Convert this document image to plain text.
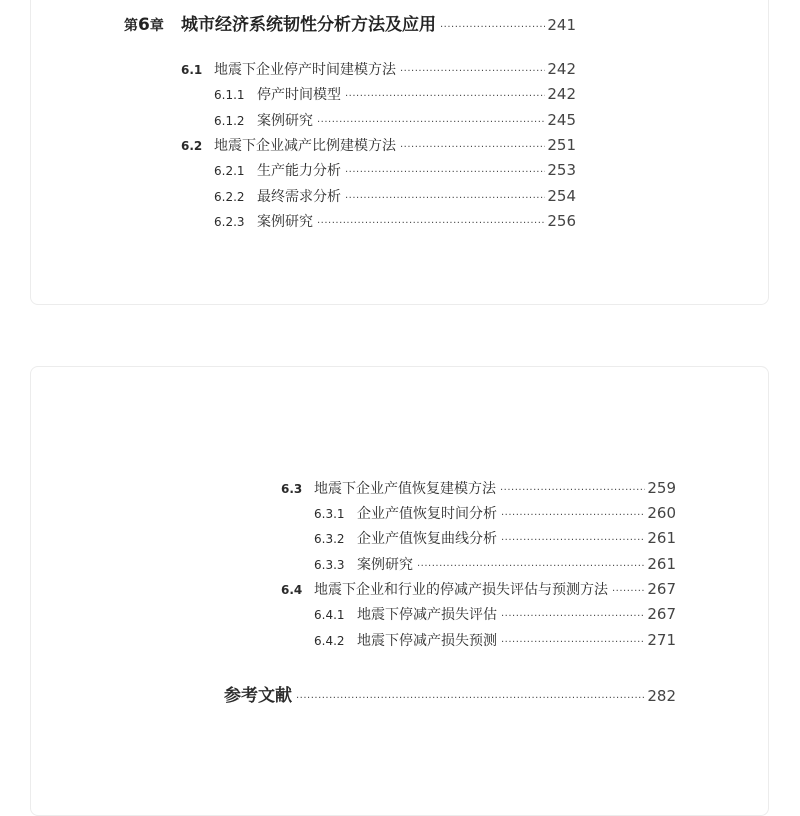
第6章	城市经济系统韧性分析方法及应用 ·····	241
6.1 地震下企业停产时间建模方法 ·····	242
6.1.1 停产时间模型 ·····	242
6.1.2 案例研究 ·····	245
6.2 地震下企业减产比例建模方法 ·····	251
6.2.1 生产能力分析 ·····	253
6.2.2 最终需求分析 ·····	254
6.2.3 案例研究 ·····	256
6.3 地震下企业产值恢复建模方法 ·····	259
6.3.1 企业产值恢复时间分析 ·····	260
6.3.2 企业产值恢复曲线分析 ·····	261
6.3.3 案例研究 ·····	261
6.4 地震下企业和行业的停减产损失评估与预测方法 ·····	267
6.4.1 地震下停减产损失评估 ·····	267
6.4.2 地震下停减产损失预测 ·····	271
参考文献 ·····	282
